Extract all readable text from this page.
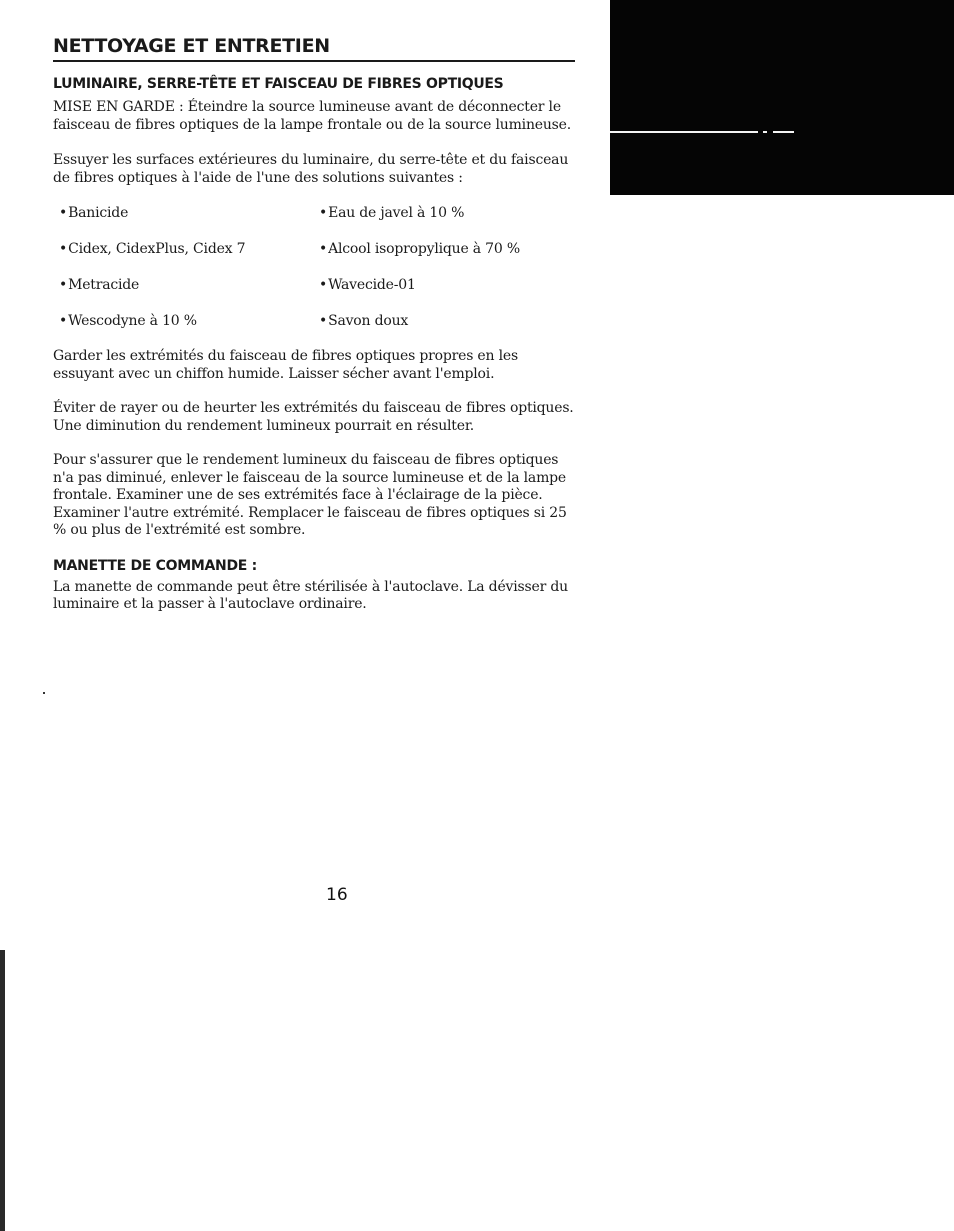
NETTOYAGE ET ENTRETIEN
LUMINAIRE, SERRE-TÊTE ET FAISCEAU DE FIBRES OPTIQUES

MISE EN GARDE : Éteindre la source lumineuse avant de déconnecter le faisceau de fibres optiques de la lampe frontale ou de la source lumineuse.

Essuyer les surfaces extérieures du luminaire, du serre-tête et du faisceau de fibres optiques à l'aide de l'une des solutions suivantes :

•Banicide	•Eau de javel à 10 %
•Cidex, CidexPlus, Cidex 7	•Alcool isopropylique à 70 %
•Metracide	•Wavecide-01
•Wescodyne à 10 %	•Savon doux

Garder les extrémités du faisceau de fibres optiques propres en les essuyant avec un chiffon humide. Laisser sécher avant l'emploi.

Éviter de rayer ou de heurter les extrémités du faisceau de fibres optiques. Une diminution du rendement lumineux pourrait en résulter.

Pour s'assurer que le rendement lumineux du faisceau de fibres optiques n'a pas diminué, enlever le faisceau de la source lumineuse et de la lampe frontale. Examiner une de ses extrémités face à l'éclairage de la pièce. Examiner l'autre extrémité. Remplacer le faisceau de fibres optiques si 25 % ou plus de l'extrémité est sombre.

MANETTE DE COMMANDE :

La manette de commande peut être stérilisée à l'autoclave. La dévisser du luminaire et la passer à l'autoclave ordinaire.

16
